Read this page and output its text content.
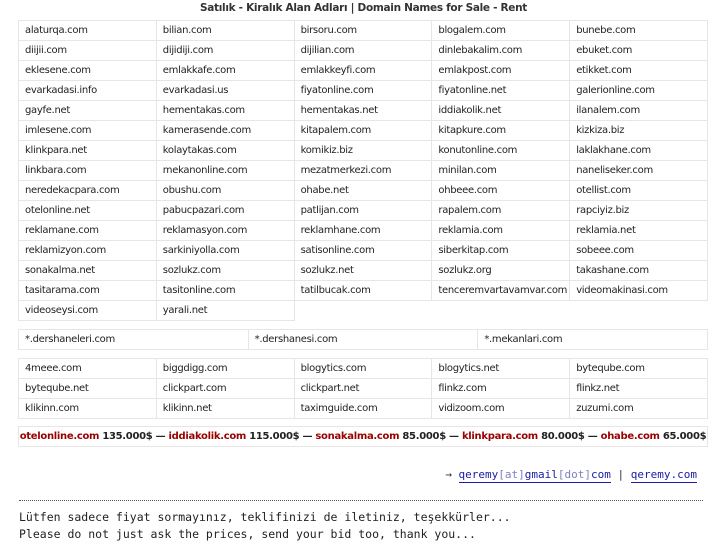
Satılık - Kiralık Alan Adları | Domain Names for Sale - Rent
alaturqa.com	bilian.com	birsoru.com	blogalem.com	bunebe.com
diijii.com	dijidiji.com	dijilian.com	dinlebakalim.com	ebuket.com
eklesene.com	emlakkafe.com	emlakkeyfi.com	emlakpost.com	etikket.com
evarkadasi.info	evarkadasi.us	fiyatonline.com	fiyatonline.net	galerionline.com
gayfe.net	hementakas.com	hementakas.net	iddiakolik.net	ilanalem.com
imlesene.com	kamerasende.com	kitapalem.com	kitapkure.com	kizkiza.biz
klinkpara.net	kolaytakas.com	komikiz.biz	konutonline.com	laklakhane.com
linkbara.com	mekanonline.com	mezatmerkezi.com	minilan.com	naneliseker.com
neredekacpara.com	obushu.com	ohabe.net	ohbeee.com	otellist.com
otelonline.net	pabucpazari.com	patlijan.com	rapalem.com	rapciyiz.biz
reklamane.com	reklamasyon.com	reklamhane.com	reklamia.com	reklamia.net
reklamizyon.com	sarkiniyolla.com	satisonline.com	siberkitap.com	sobeee.com
sonakalma.net	sozlukz.com	sozlukz.net	sozlukz.org	takashane.com
tasitarama.com	tasitonline.com	tatilbucak.com	tenceremvartavamvar.com	videomakinasi.com
videoseysi.com	yarali.net			
*.dershaneleri.com	*.dershanesi.com	*.mekanlari.com
4meee.com	biggdigg.com	blogytics.com	blogytics.net	byteqube.com
byteqube.net	clickpart.com	clickpart.net	flinkz.com	flinkz.net
klikinn.com	klikinn.net	taximguide.com	vidizoom.com	zuzumi.com
otelonline.com 135.000$ — iddiakolik.com 115.000$ — sonakalma.com 85.000$ — klinkpara.com 80.000$ — ohabe.com 65.000$
→ qeremy[at]gmail[dot]com | qeremy.com
Lütfen sadece fiyat sormayınız, teklifinizi de iletiniz, teşekkürler...
Please do not just ask the prices, send your bid too, thank you...
